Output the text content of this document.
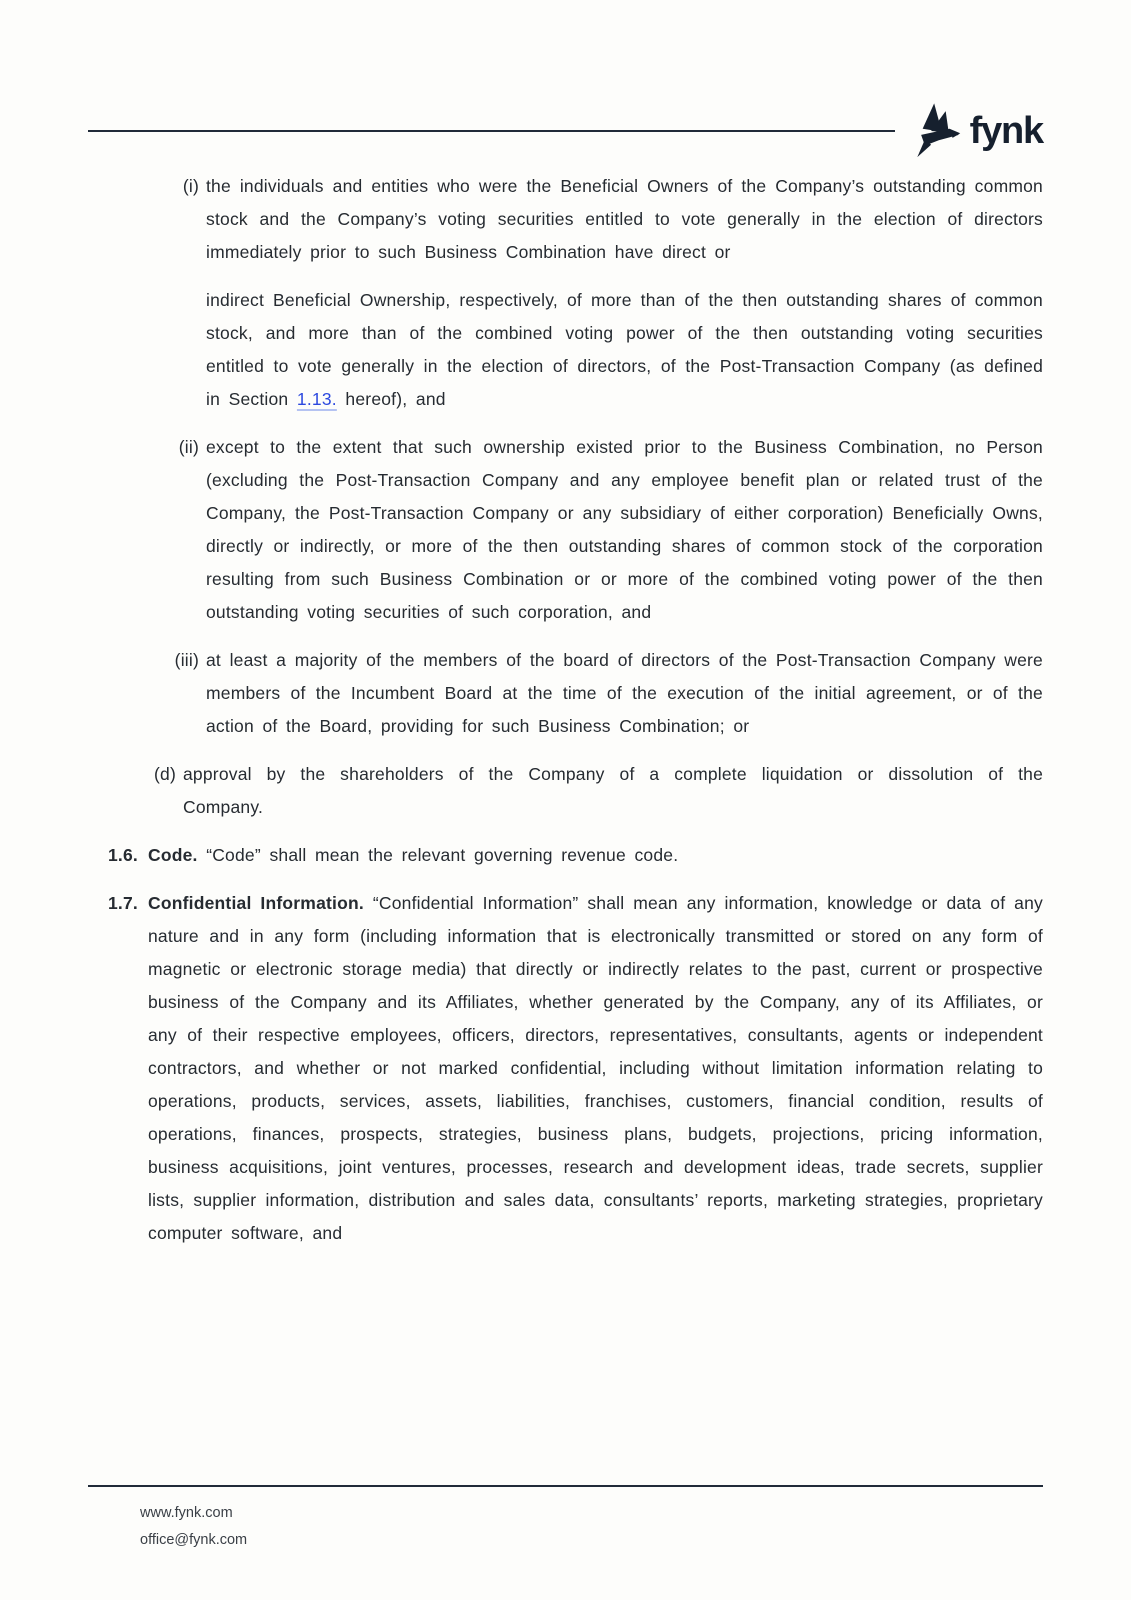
fynk
(i) the individuals and entities who were the Beneficial Owners of the Company’s outstanding common stock and the Company’s voting securities entitled to vote generally in the election of directors immediately prior to such Business Combination have direct or
indirect Beneficial Ownership, respectively, of more than of the then outstanding shares of common stock, and more than of the combined voting power of the then outstanding voting securities entitled to vote generally in the election of directors, of the Post-Transaction Company (as defined in Section 1.13. hereof), and
(ii) except to the extent that such ownership existed prior to the Business Combination, no Person (excluding the Post-Transaction Company and any employee benefit plan or related trust of the Company, the Post-Transaction Company or any subsidiary of either corporation) Beneficially Owns, directly or indirectly, or more of the then outstanding shares of common stock of the corporation resulting from such Business Combination or or more of the combined voting power of the then outstanding voting securities of such corporation, and
(iii) at least a majority of the members of the board of directors of the Post-Transaction Company were members of the Incumbent Board at the time of the execution of the initial agreement, or of the action of the Board, providing for such Business Combination; or
(d) approval by the shareholders of the Company of a complete liquidation or dissolution of the Company.
1.6. Code. “Code” shall mean the relevant governing revenue code.
1.7. Confidential Information. “Confidential Information” shall mean any information, knowledge or data of any nature and in any form (including information that is electronically transmitted or stored on any form of magnetic or electronic storage media) that directly or indirectly relates to the past, current or prospective business of the Company and its Affiliates, whether generated by the Company, any of its Affiliates, or any of their respective employees, officers, directors, representatives, consultants, agents or independent contractors, and whether or not marked confidential, including without limitation information relating to operations, products, services, assets, liabilities, franchises, customers, financial condition, results of operations, finances, prospects, strategies, business plans, budgets, projections, pricing information, business acquisitions, joint ventures, processes, research and development ideas, trade secrets, supplier lists, supplier information, distribution and sales data, consultants’ reports, marketing strategies, proprietary computer software, and
www.fynk.com
office@fynk.com
